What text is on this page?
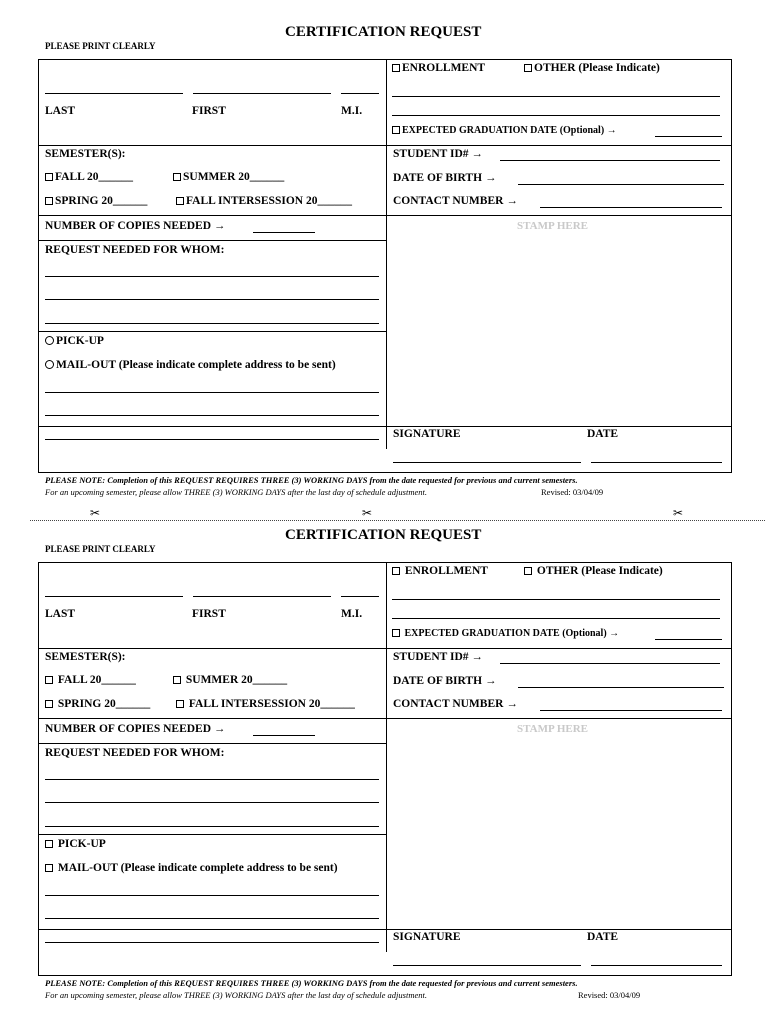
CERTIFICATION REQUEST
PLEASE PRINT CLEARLY
LAST	FIRST	M.I.
ENROLLMENT	OTHER (Please Indicate)
EXPECTED GRADUATION DATE (Optional) →
SEMESTER(S):
FALL 20______	SUMMER 20______
SPRING 20______	FALL INTERSESSION 20______
STUDENT ID# →
DATE OF BIRTH →
CONTACT NUMBER →
NUMBER OF COPIES NEEDED →	STAMP HERE
REQUEST NEEDED FOR WHOM:
PICK-UP
MAIL-OUT (Please indicate complete address to be sent)
SIGNATURE	DATE
PLEASE NOTE: Completion of this REQUEST REQUIRES THREE (3) WORKING DAYS from the date requested for previous and current semesters.
For an upcoming semester, please allow THREE (3) WORKING DAYS after the last day of schedule adjustment.	Revised: 03/04/09
✂	✂	✂
CERTIFICATION REQUEST
PLEASE PRINT CLEARLY
LAST	FIRST	M.I.
ENROLLMENT	OTHER (Please Indicate)
EXPECTED GRADUATION DATE (Optional) →
SEMESTER(S):
FALL 20______	SUMMER 20______
SPRING 20______	FALL INTERSESSION 20______
STUDENT ID# →
DATE OF BIRTH →
CONTACT NUMBER →
NUMBER OF COPIES NEEDED →	STAMP HERE
REQUEST NEEDED FOR WHOM:
PICK-UP
MAIL-OUT (Please indicate complete address to be sent)
SIGNATURE	DATE
PLEASE NOTE: Completion of this REQUEST REQUIRES THREE (3) WORKING DAYS from the date requested for previous and current semesters.
For an upcoming semester, please allow THREE (3) WORKING DAYS after the last day of schedule adjustment.	Revised: 03/04/09
